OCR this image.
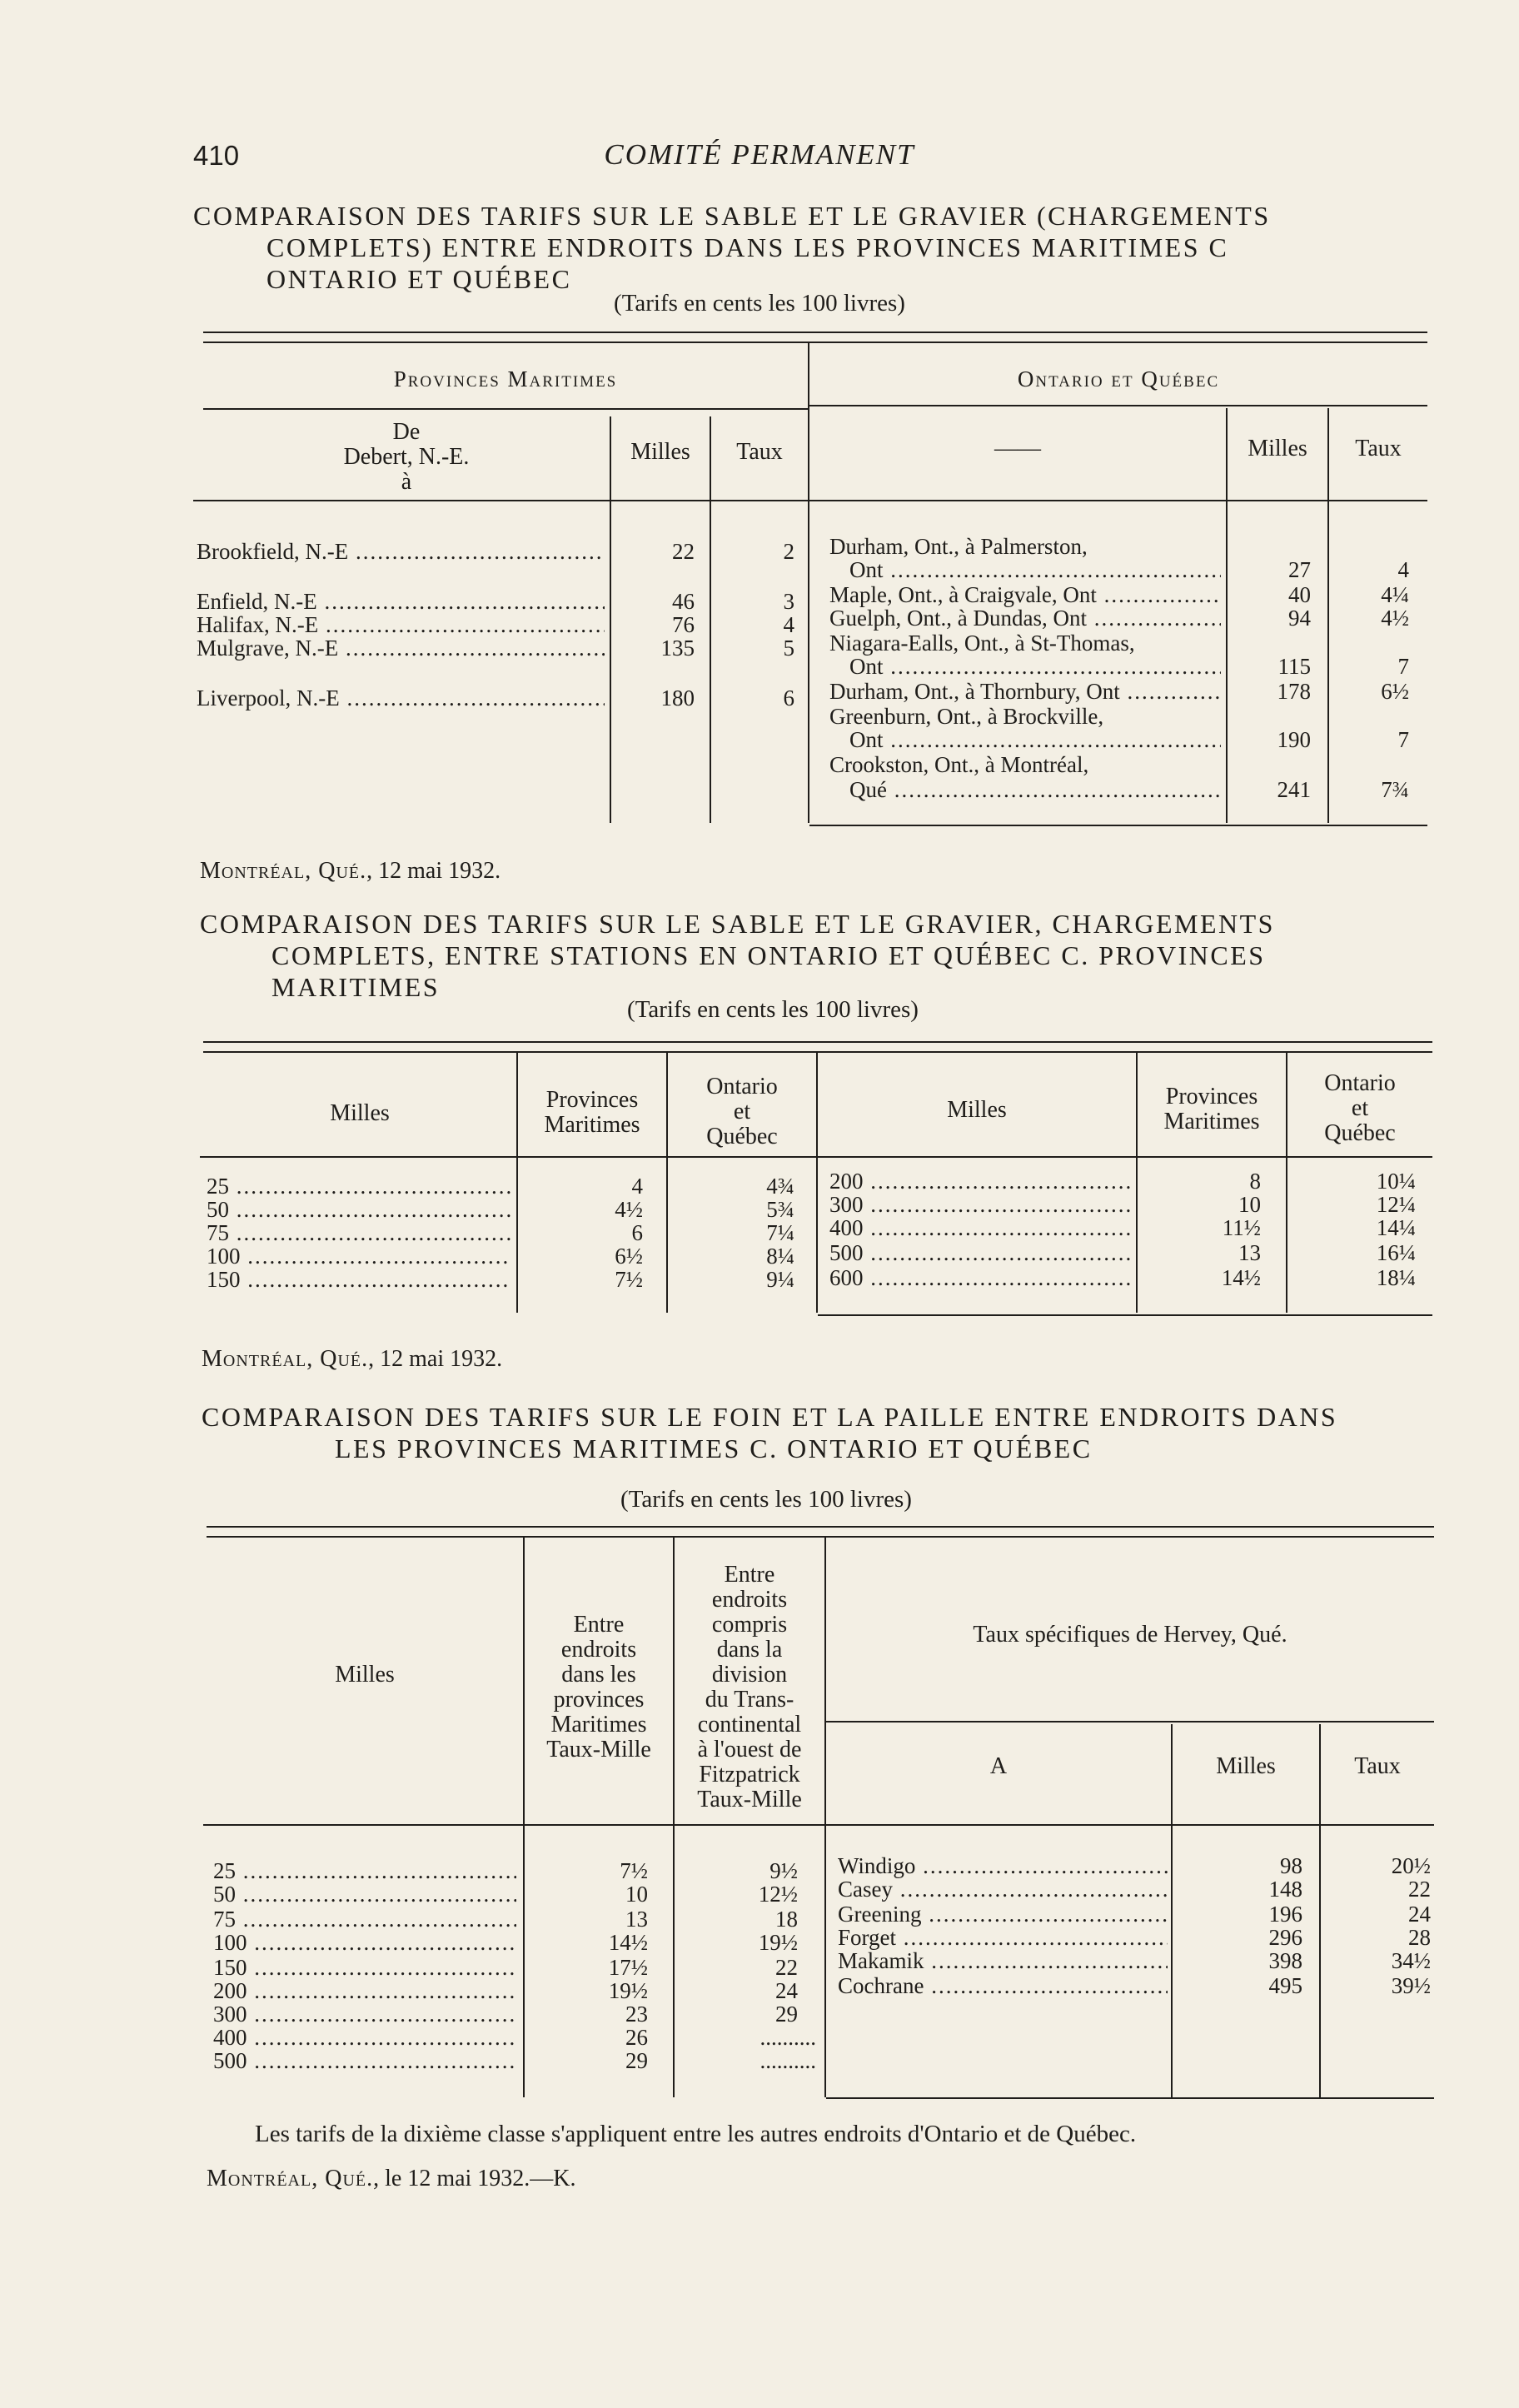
410	COMITÉ PERMANENT

COMPARAISON DES TARIFS SUR LE SABLE ET LE GRAVIER (CHARGEMENTS

COMPLETS) ENTRE ENDROITS DANS LES PROVINCES MARITIMES C

ONTARIO ET QUÉBEC

(Tarifs en cents les 100 livres)
Provinces Maritimes	Ontario et Québec
De
Debert, N.-E.
à
Milles	Taux	——	Milles	Taux
Brookfield, N.-E .....	22	2
Enfield, N.-E .....	46	3
Halifax, N.-E .....	76	4
Mulgrave, N.-E .....	135	5
Liverpool, N.-E .....	180	6
Durham, Ont., à Palmerston,
Ont .....	27	4
Maple, Ont., à Craigvale, Ont .....	40	4¼
Guelph, Ont., à Dundas, Ont .....	94	4½
Niagara-Ealls, Ont., à St-Thomas,
Ont .....	115	7
Durham, Ont., à Thornbury, Ont .....	178	6½
Greenburn, Ont., à Brockville,
Ont .....	190	7
Crookston, Ont., à Montréal,
Qué .....	241	7¾
Montréal, Qué., 12 mai 1932.

COMPARAISON DES TARIFS SUR LE SABLE ET LE GRAVIER, CHARGEMENTS

COMPLETS, ENTRE STATIONS EN ONTARIO ET QUÉBEC C. PROVINCES

MARITIMES

(Tarifs en cents les 100 livres)
Milles
Provinces
Maritimes
Ontario
et
Québec
Milles
Provinces
Maritimes
Ontario
et
Québec
25 .....	4	4¾
50 .....	4½	5¾
75 .....	6	7¼
100 .....	6½	8¼
150 .....	7½	9¼
200 .....	8	10¼
300 .....	10	12¼
400 .....	11½	14¼
500 .....	13	16¼
600 .....	14½	18¼
Montréal, Qué., 12 mai 1932.

COMPARAISON DES TARIFS SUR LE FOIN ET LA PAILLE ENTRE ENDROITS DANS

LES PROVINCES MARITIMES C. ONTARIO ET QUÉBEC

(Tarifs en cents les 100 livres)
Milles
Entre
endroits
dans les
provinces
Maritimes
Taux-Mille
Entre
endroits
compris
dans la
division
du Trans-
continental
à l'ouest de
Fitzpatrick
Taux-Mille
Taux spécifiques de Hervey, Qué.
A	Milles	Taux
25 .....	7½	9½
50 .....	10	12½
75 .....	13	18
100 .....	14½	19½
150 .....	17½	22
200 .....	19½	24
300 .....	23	29
400 .....	26	..........
500 .....	29	..........
Windigo .....	98	20½
Casey .....	148	22
Greening .....	196	24
Forget .....	296	28
Makamik .....	398	34½
Cochrane .....	495	39½
Les tarifs de la dixième classe s'appliquent entre les autres endroits d'Ontario et de Québec.
Montréal, Qué., le 12 mai 1932.—K.
